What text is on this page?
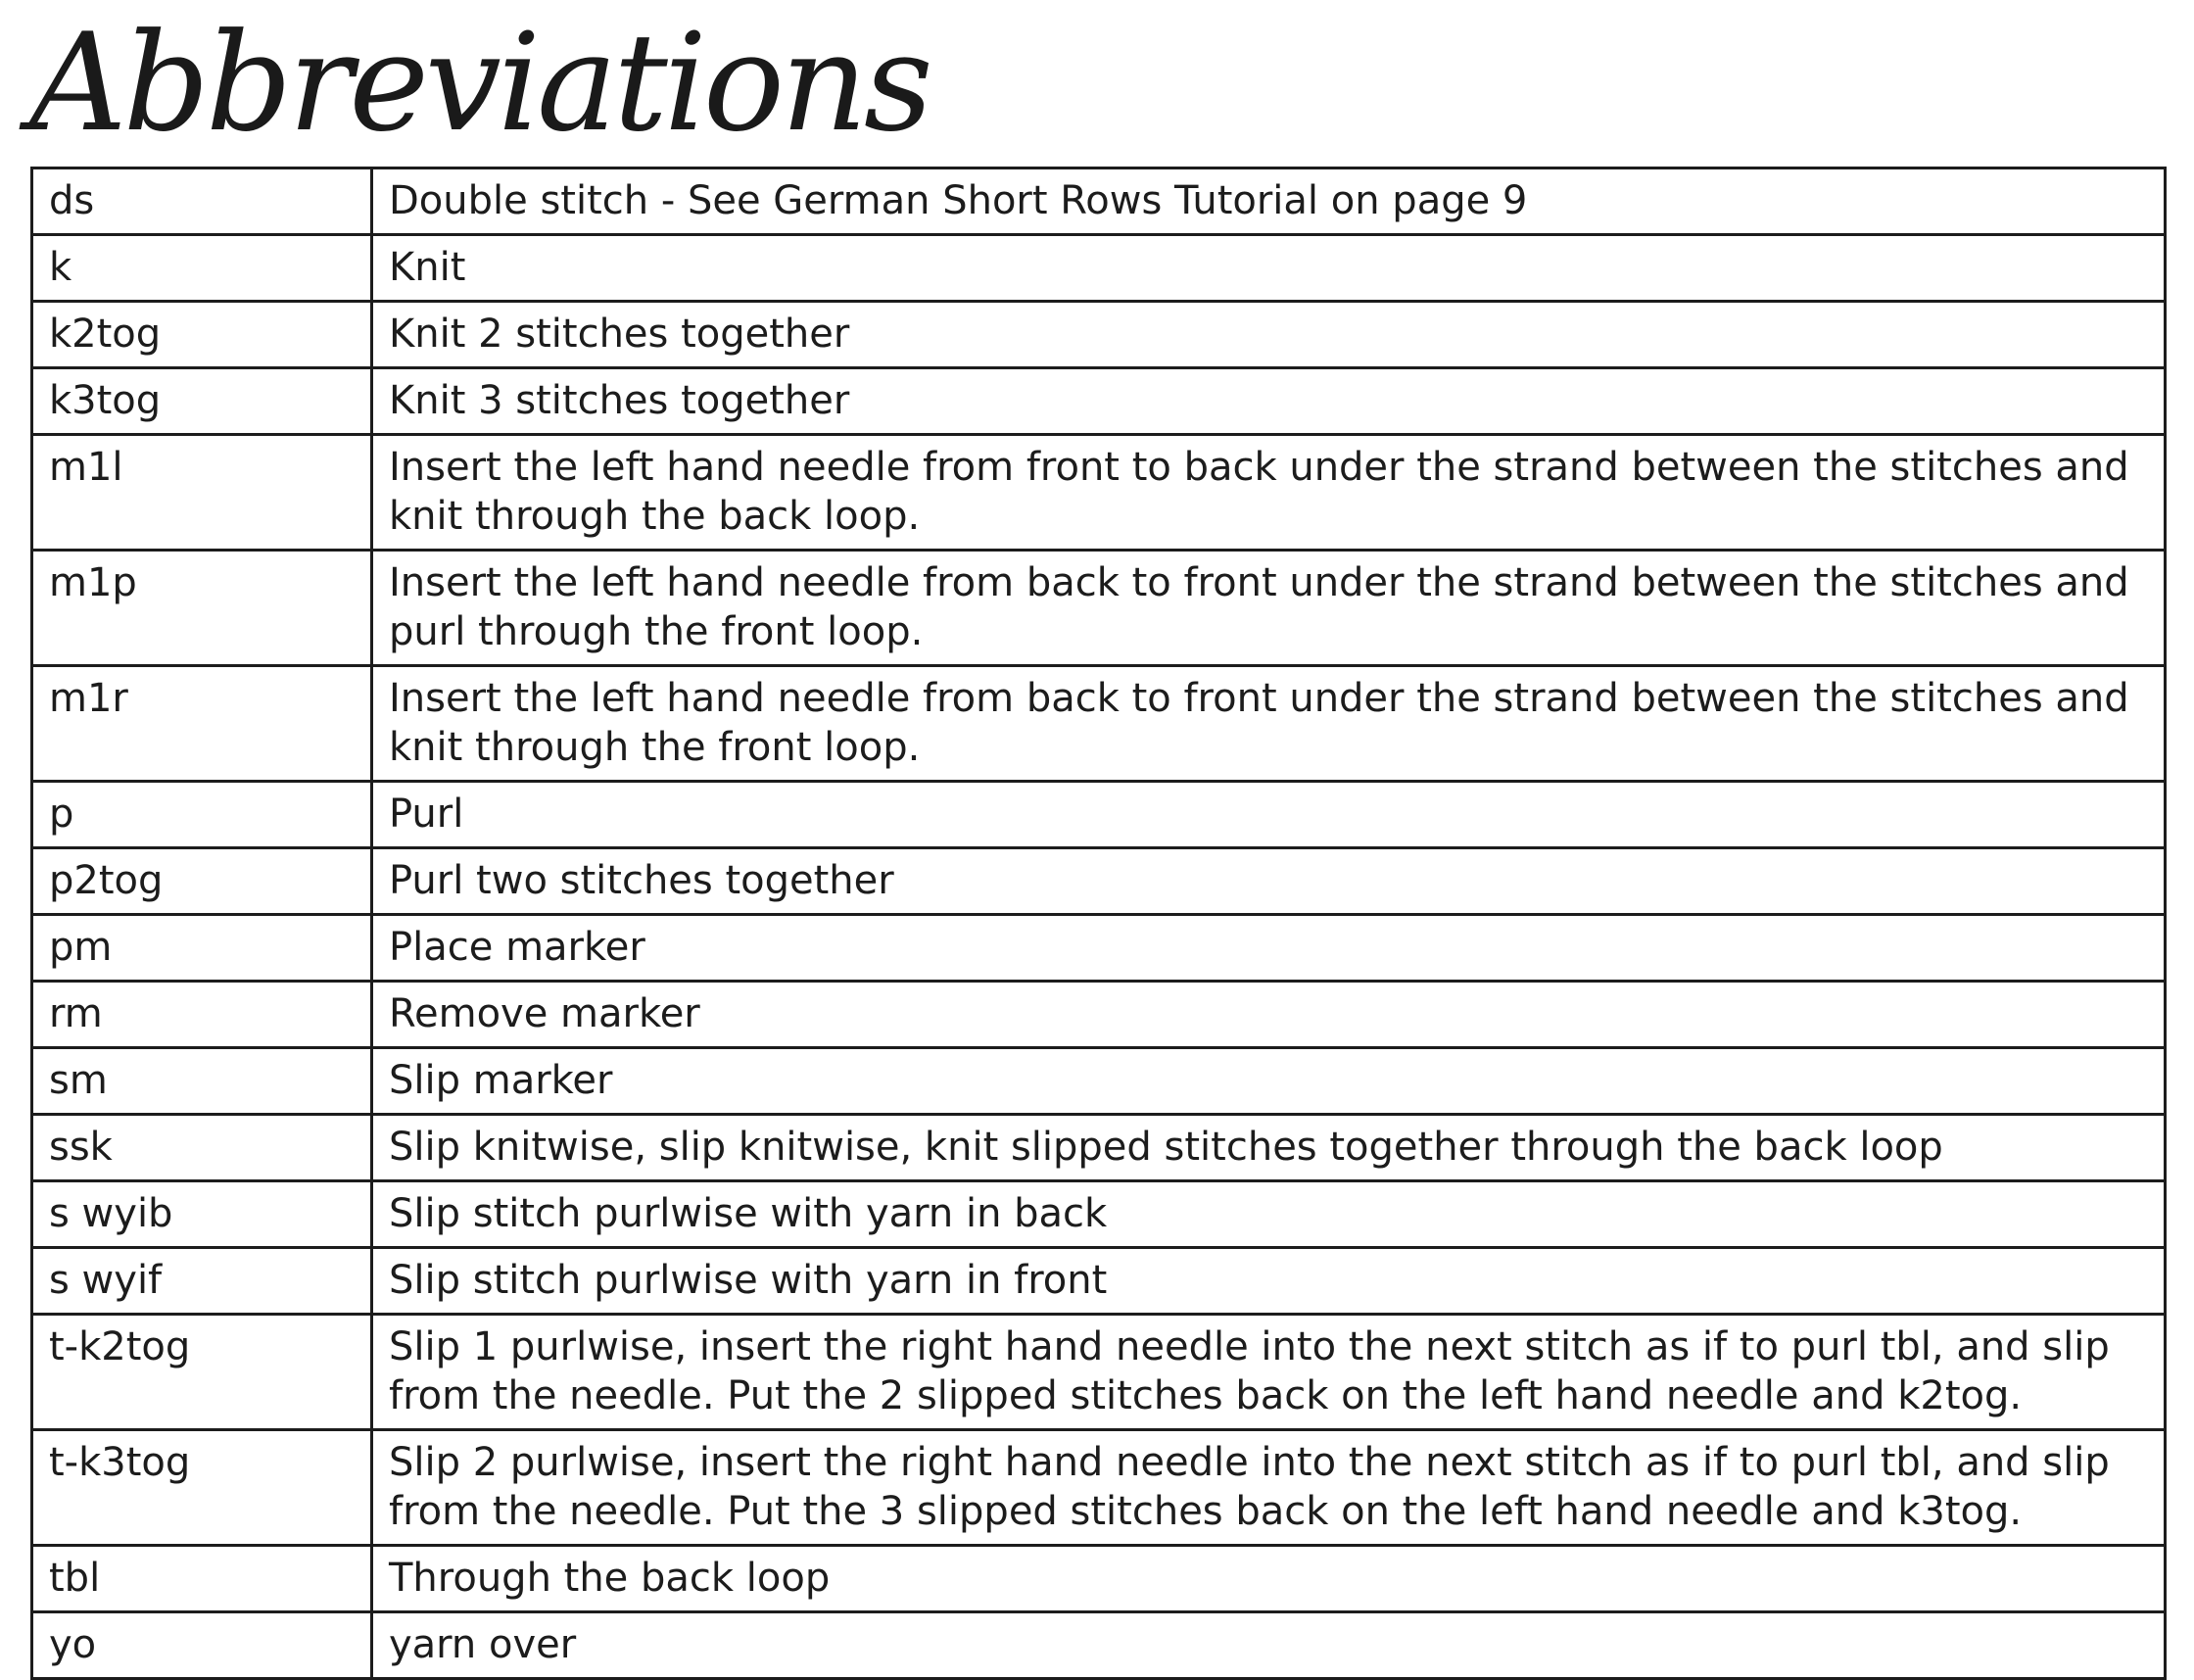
Abbreviations
ds	Double stitch - See German Short Rows Tutorial on page 9
k	Knit
k2tog	Knit 2 stitches together
k3tog	Knit 3 stitches together
m1l	Insert the left hand needle from front to back under the strand between the stitches and knit through the back loop.
m1p	Insert the left hand needle from back to front under the strand between the stitches and purl through the front loop.
m1r	Insert the left hand needle from back to front under the strand between the stitches and knit through the front loop.
p	Purl
p2tog	Purl two stitches together
pm	Place marker
rm	Remove marker
sm	Slip marker
ssk	Slip knitwise, slip knitwise, knit slipped stitches together through the back loop
s wyib	Slip stitch purlwise with yarn in back
s wyif	Slip stitch purlwise with yarn in front
t-k2tog	Slip 1 purlwise, insert the right hand needle into the next stitch as if to purl tbl, and slip from the needle. Put the 2 slipped stitches back on the left hand needle and k2tog.
t-k3tog	Slip 2 purlwise, insert the right hand needle into the next stitch as if to purl tbl, and slip from the needle. Put the 3 slipped stitches back on the left hand needle and k3tog.
tbl	Through the back loop
yo	yarn over
